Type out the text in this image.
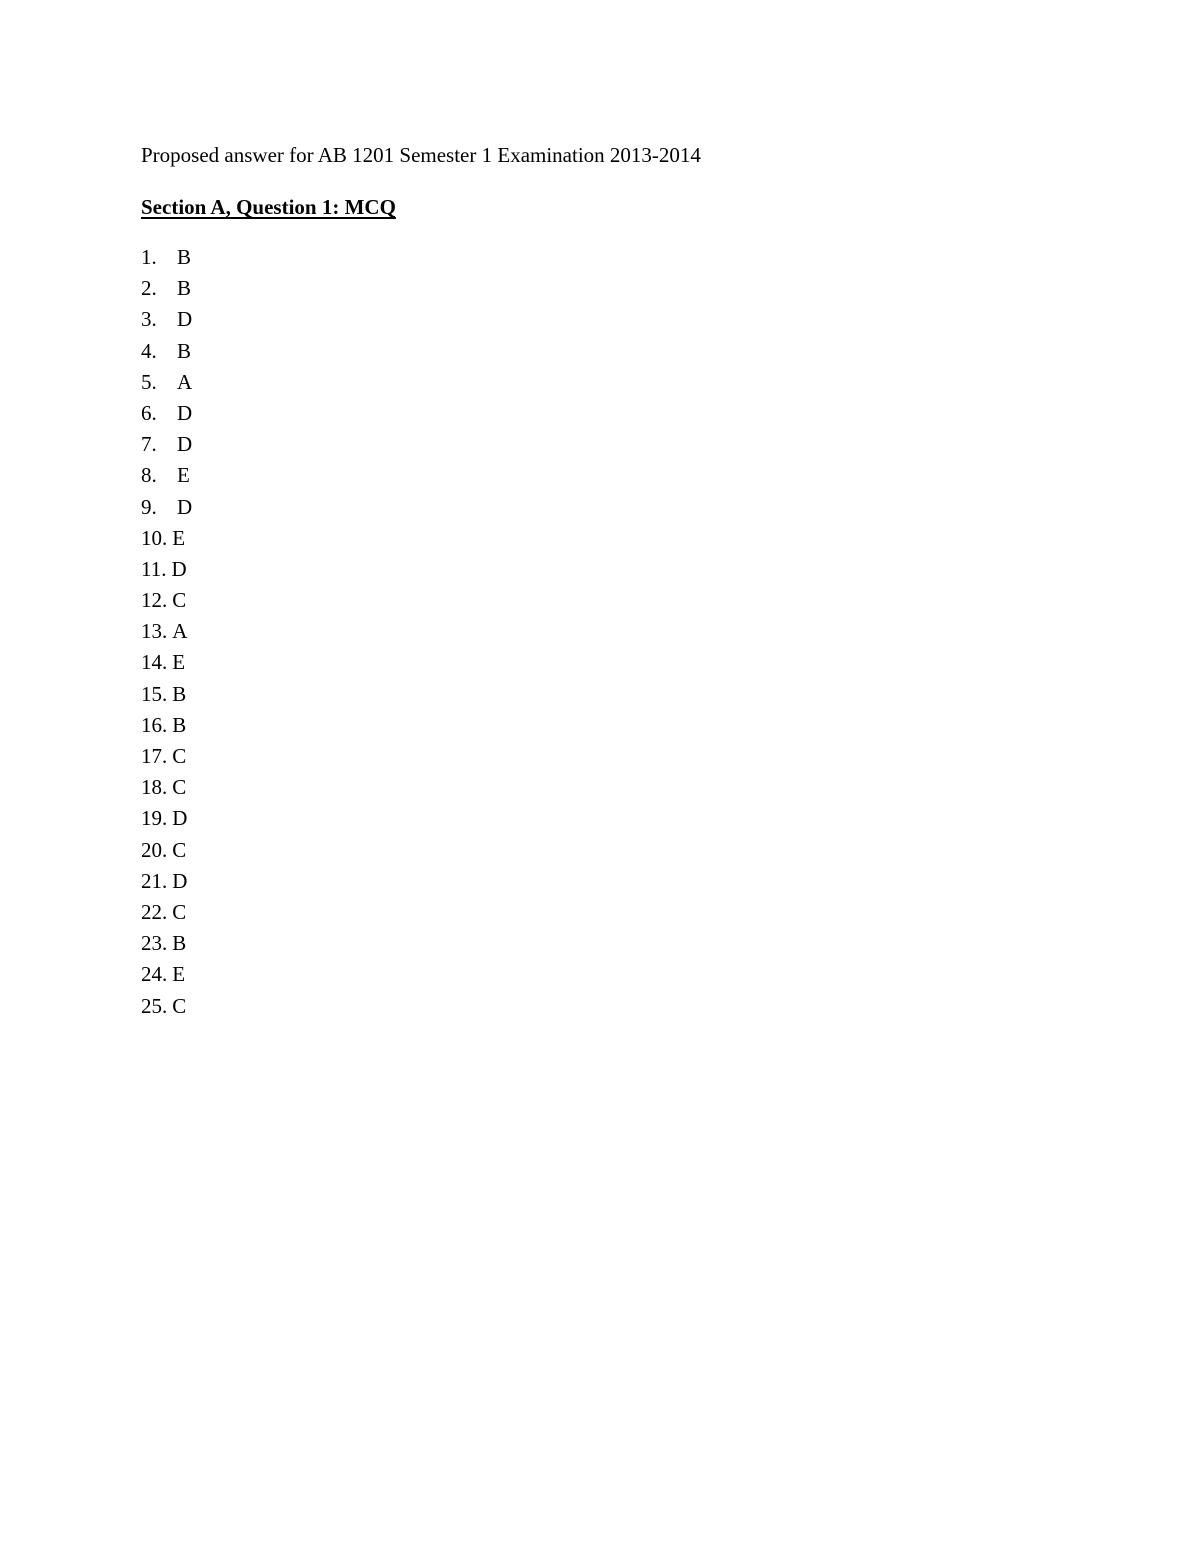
Proposed answer for AB 1201 Semester 1 Examination 2013-2014
Section A, Question 1: MCQ
1. B
2. B
3. D
4. B
5. A
6. D
7. D
8. E
9. D
10. E
11. D
12. C
13. A
14. E
15. B
16. B
17. C
18. C
19. D
20. C
21. D
22. C
23. B
24. E
25. C
